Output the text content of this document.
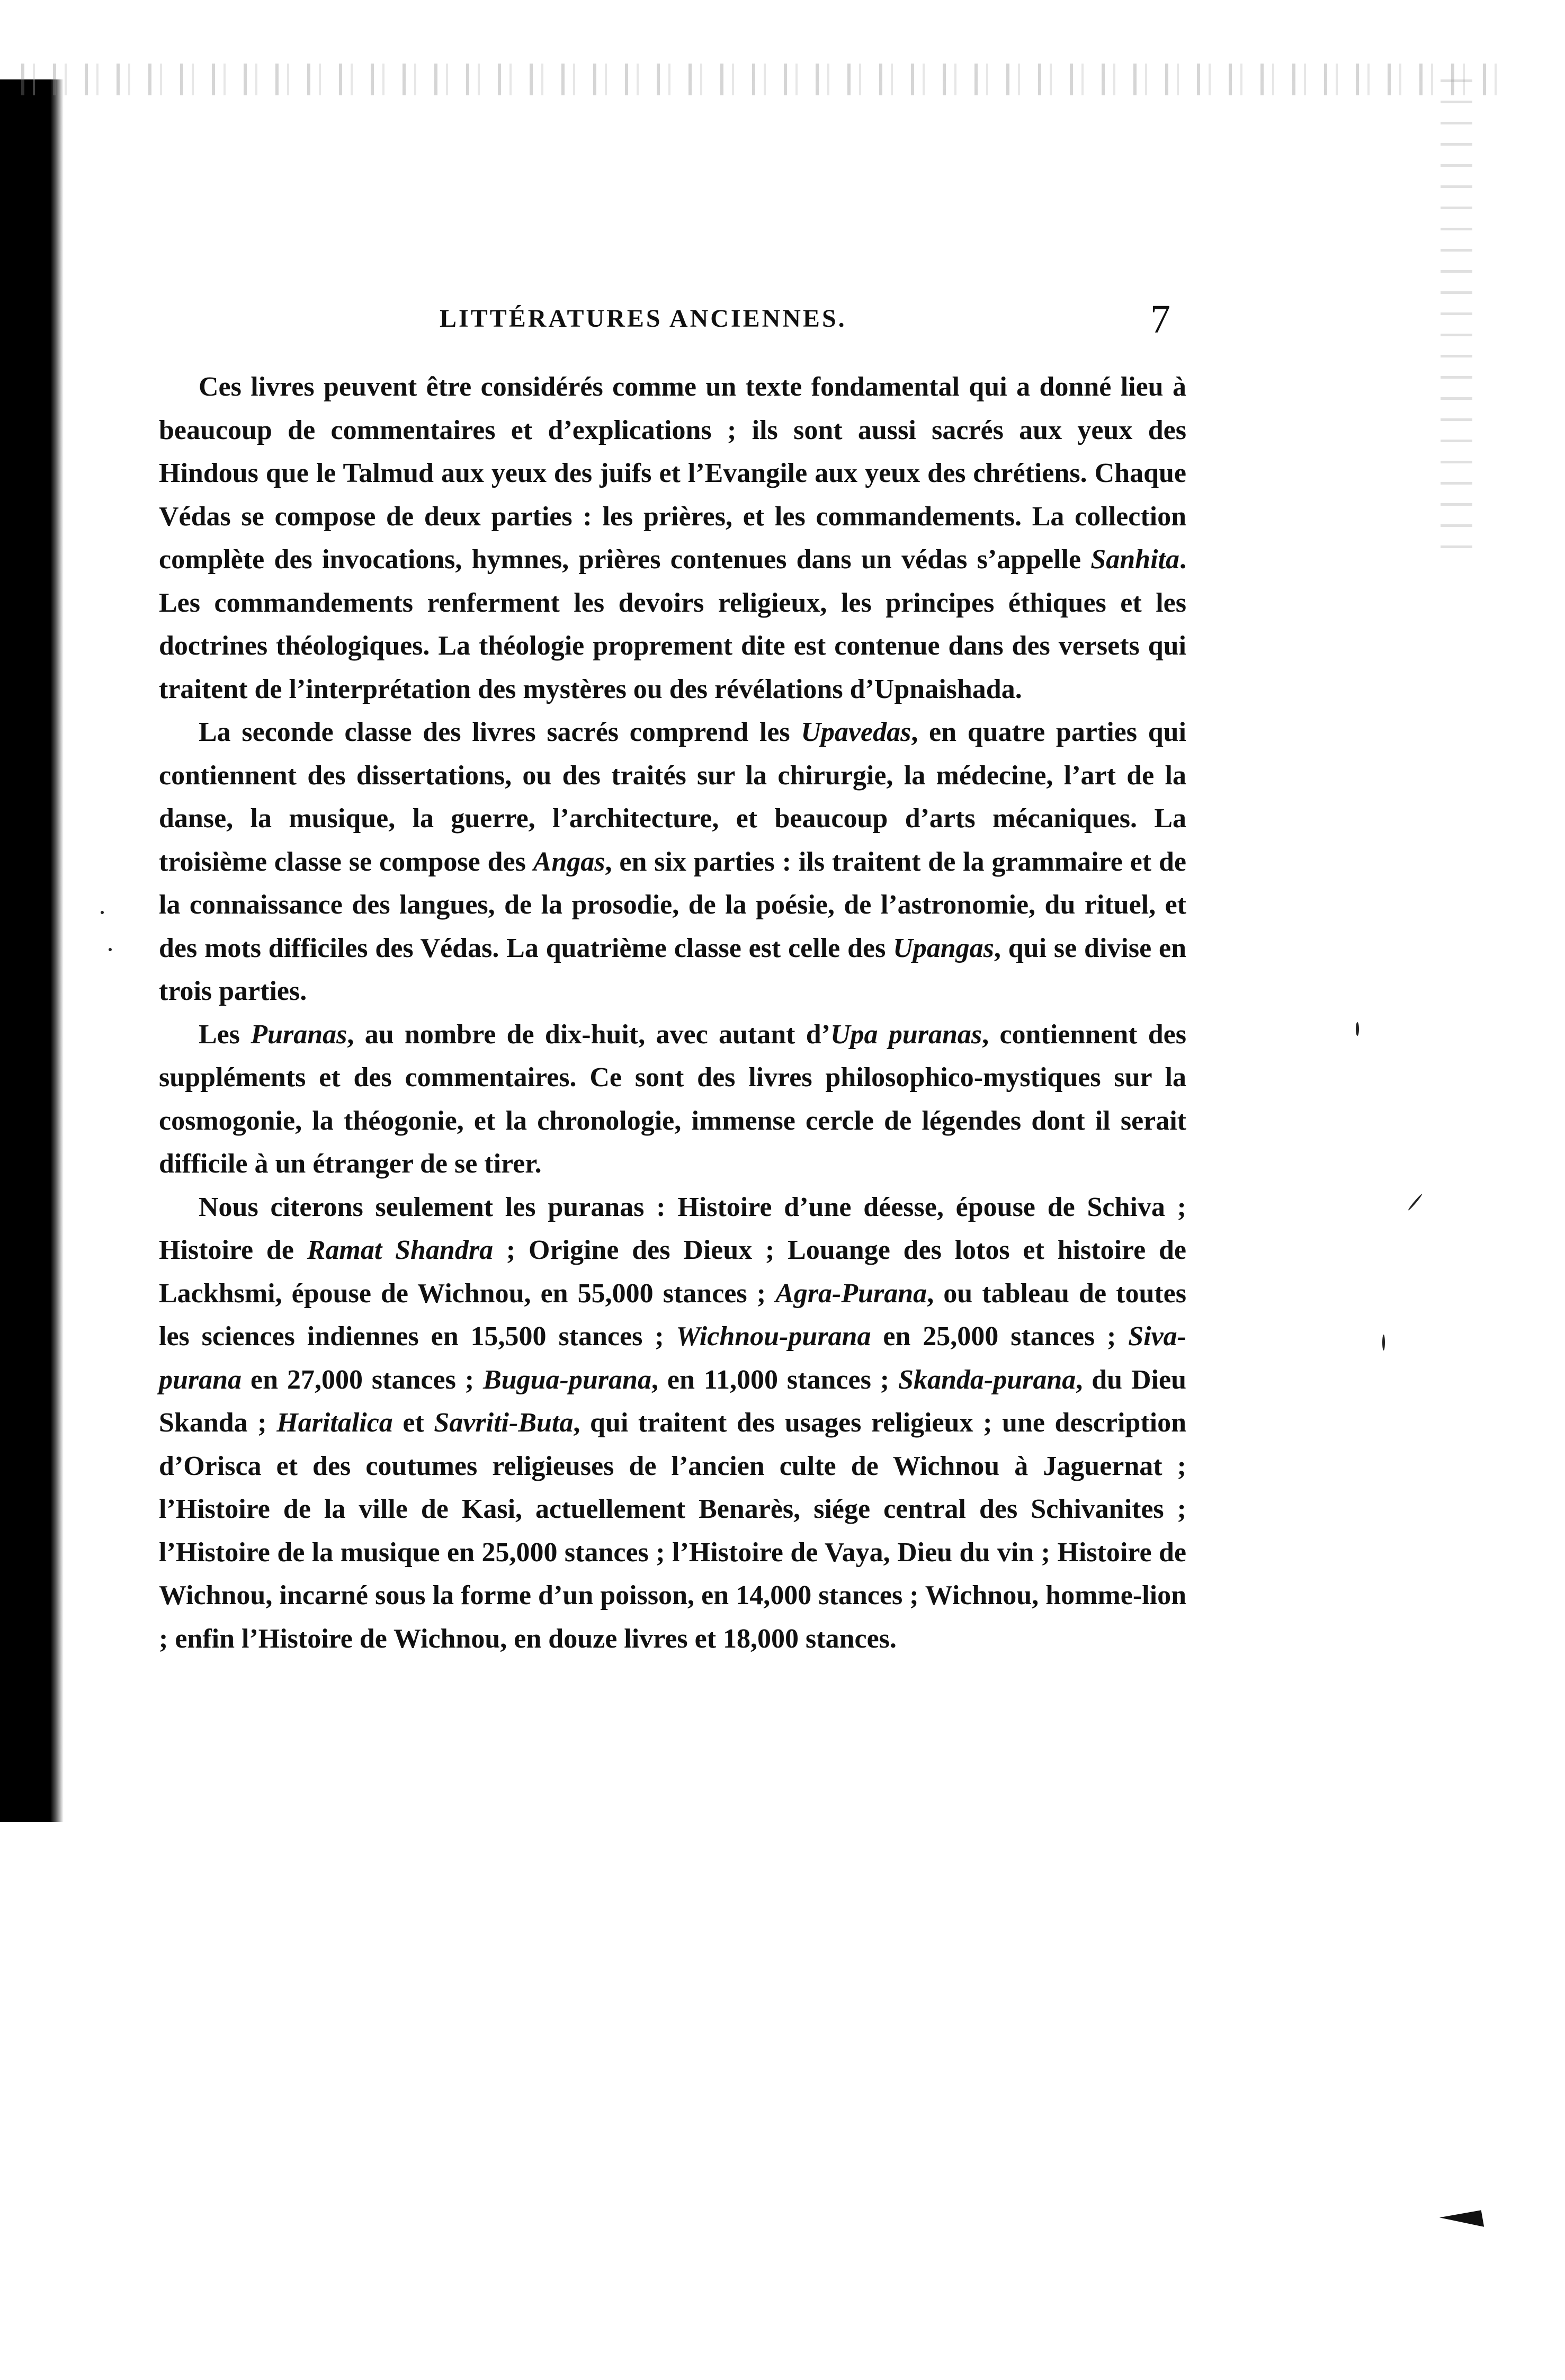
LITTÉRATURES ANCIENNES.	7

Ces livres peuvent être considérés comme un texte fondamental qui a donné lieu à beaucoup de commentaires et d’explications ; ils sont aussi sacrés aux yeux des Hindous que le Talmud aux yeux des juifs et l’Evangile aux yeux des chrétiens. Chaque Védas se compose de deux parties : les prières, et les commandements. La collection complète des invocations, hymnes, prières contenues dans un védas s’appelle Sanhita. Les commandements renferment les devoirs religieux, les principes éthiques et les doctrines théologiques. La théologie proprement dite est contenue dans des versets qui traitent de l’interprétation des mystères ou des révélations d’Upnaishada.

La seconde classe des livres sacrés comprend les Upavedas, en quatre parties qui contiennent des dissertations, ou des traités sur la chirurgie, la médecine, l’art de la danse, la musique, la guerre, l’architecture, et beaucoup d’arts mécaniques. La troisième classe se compose des Angas, en six parties : ils traitent de la grammaire et de la connaissance des langues, de la prosodie, de la poésie, de l’astronomie, du rituel, et des mots difficiles des Védas. La quatrième classe est celle des Upangas, qui se divise en trois parties.

Les Puranas, au nombre de dix-huit, avec autant d’Upa puranas, contiennent des suppléments et des commentaires. Ce sont des livres philosophico-mystiques sur la cosmogonie, la théogonie, et la chronologie, immense cercle de légendes dont il serait difficile à un étranger de se tirer.

Nous citerons seulement les puranas : Histoire d’une déesse, épouse de Schiva ; Histoire de Ramat Shandra ; Origine des Dieux ; Louange des lotos et histoire de Lackhsmi, épouse de Wichnou, en 55,000 stances ; Agra-Purana, ou tableau de toutes les sciences indiennes en 15,500 stances ; Wichnou-purana en 25,000 stances ; Siva-purana en 27,000 stances ; Bugua-purana, en 11,000 stances ; Skanda-purana, du Dieu Skanda ; Haritalica et Savriti-Buta, qui traitent des usages religieux ; une description d’Orisca et des coutumes religieuses de l’ancien culte de Wichnou à Jaguernat ; l’Histoire de la ville de Kasi, actuellement Benarès, siége central des Schivanites ; l’Histoire de la musique en 25,000 stances ; l’Histoire de Vaya, Dieu du vin ; Histoire de Wichnou, incarné sous la forme d’un poisson, en 14,000 stances ; Wichnou, homme-lion ; enfin l’Histoire de Wichnou, en douze livres et 18,000 stances.
